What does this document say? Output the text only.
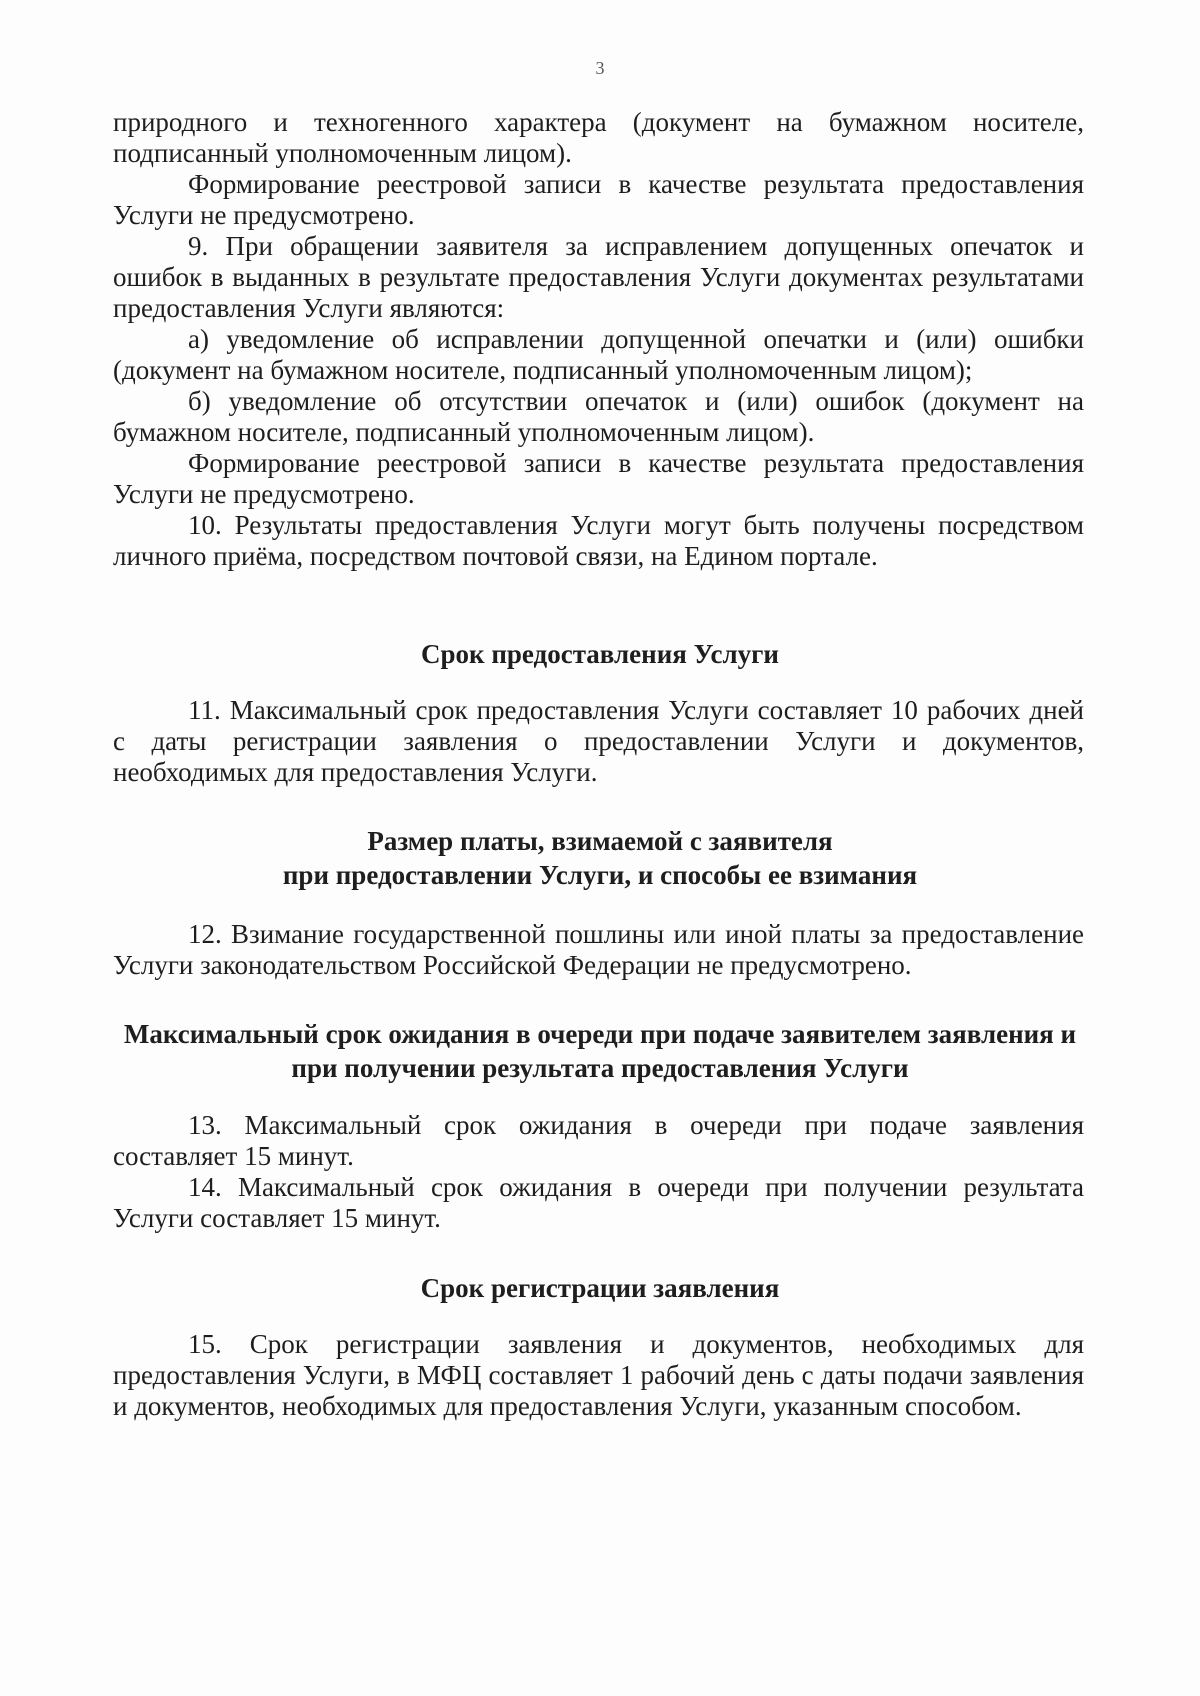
3

природного и техногенного характера (документ на бумажном носителе, подписанный уполномоченным лицом).

Формирование реестровой записи в качестве результата предоставления Услуги не предусмотрено.

9. При обращении заявителя за исправлением допущенных опечаток и ошибок в выданных в результате предоставления Услуги документах результатами предоставления Услуги являются:

а) уведомление об исправлении допущенной опечатки и (или) ошибки (документ на бумажном носителе, подписанный уполномоченным лицом);

б) уведомление об отсутствии опечаток и (или) ошибок (документ на бумажном носителе, подписанный уполномоченным лицом).

Формирование реестровой записи в качестве результата предоставления Услуги не предусмотрено.

10. Результаты предоставления Услуги могут быть получены посредством личного приёма, посредством почтовой связи, на Едином портале.

Срок предоставления Услуги

11. Максимальный срок предоставления Услуги составляет 10 рабочих дней с даты регистрации заявления о предоставлении Услуги и документов, необходимых для предоставления Услуги.

Размер платы, взимаемой с заявителя
при предоставлении Услуги, и способы ее взимания

12. Взимание государственной пошлины или иной платы за предоставление Услуги законодательством Российской Федерации не предусмотрено.

Максимальный срок ожидания в очереди при подаче заявителем заявления и
при получении результата предоставления Услуги

13. Максимальный срок ожидания в очереди при подаче заявления составляет 15 минут.

14. Максимальный срок ожидания в очереди при получении результата Услуги составляет 15 минут.

Срок регистрации заявления

15. Срок регистрации заявления и документов, необходимых для предоставления Услуги, в МФЦ составляет 1 рабочий день с даты подачи заявления и документов, необходимых для предоставления Услуги, указанным способом.
